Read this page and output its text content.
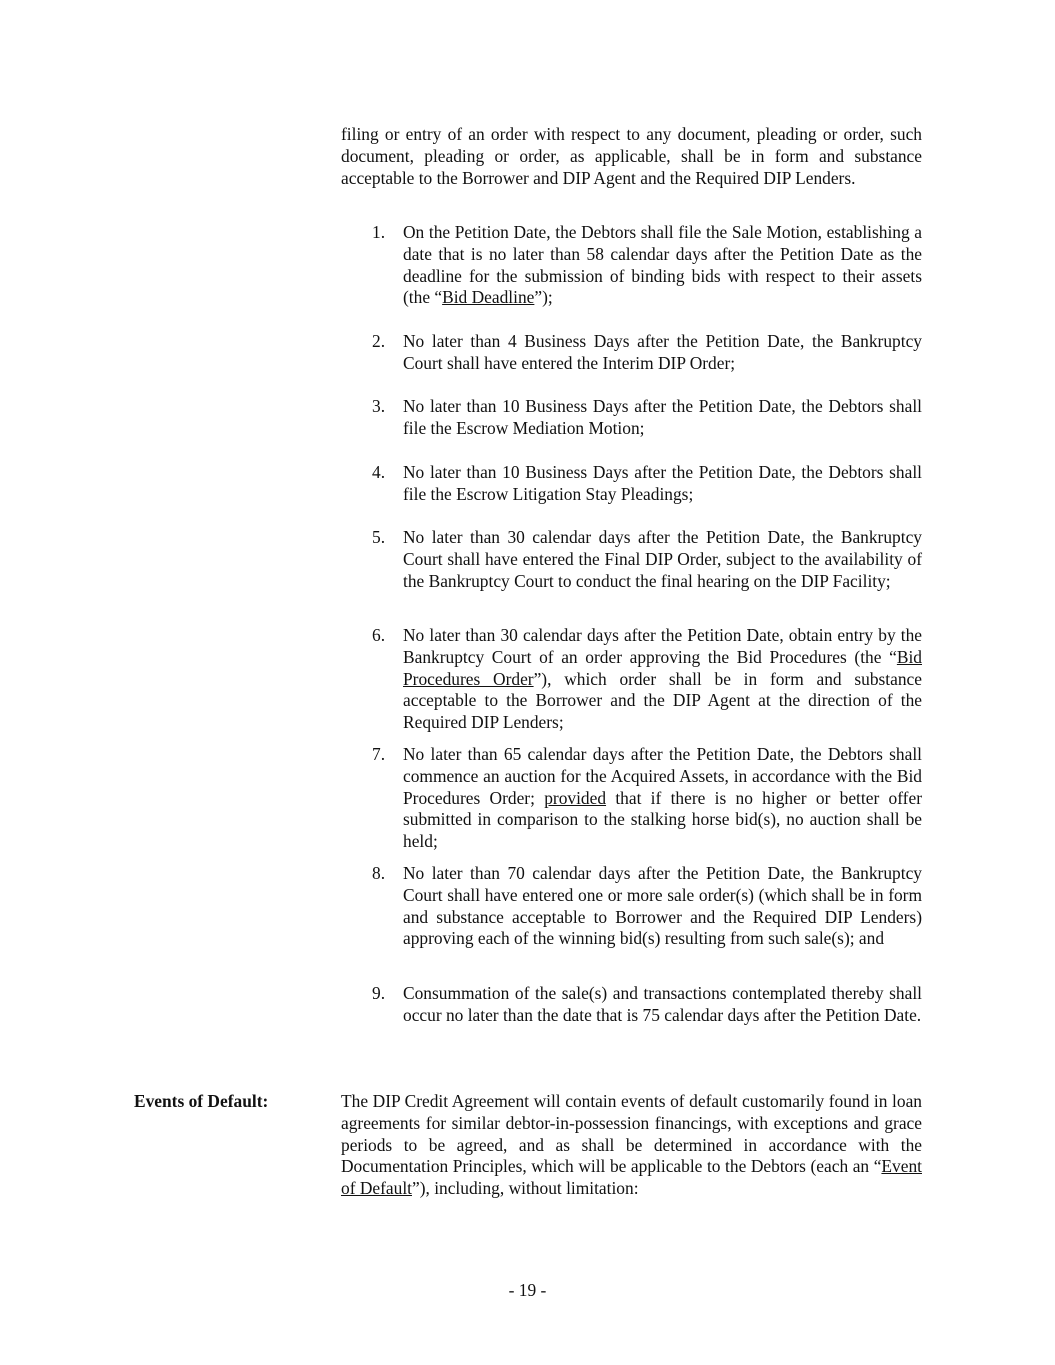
filing or entry of an order with respect to any document, pleading or order, such document, pleading or order, as applicable, shall be in form and substance acceptable to the Borrower and DIP Agent and the Required DIP Lenders.
1. On the Petition Date, the Debtors shall file the Sale Motion, establishing a date that is no later than 58 calendar days after the Petition Date as the deadline for the submission of binding bids with respect to their assets (the “Bid Deadline”);
2. No later than 4 Business Days after the Petition Date, the Bankruptcy Court shall have entered the Interim DIP Order;
3. No later than 10 Business Days after the Petition Date, the Debtors shall file the Escrow Mediation Motion;
4. No later than 10 Business Days after the Petition Date, the Debtors shall file the Escrow Litigation Stay Pleadings;
5. No later than 30 calendar days after the Petition Date, the Bankruptcy Court shall have entered the Final DIP Order, subject to the availability of the Bankruptcy Court to conduct the final hearing on the DIP Facility;
6. No later than 30 calendar days after the Petition Date, obtain entry by the Bankruptcy Court of an order approving the Bid Procedures (the “Bid Procedures Order”), which order shall be in form and substance acceptable to the Borrower and the DIP Agent at the direction of the Required DIP Lenders;
7. No later than 65 calendar days after the Petition Date, the Debtors shall commence an auction for the Acquired Assets, in accordance with the Bid Procedures Order; provided that if there is no higher or better offer submitted in comparison to the stalking horse bid(s), no auction shall be held;
8. No later than 70 calendar days after the Petition Date, the Bankruptcy Court shall have entered one or more sale order(s) (which shall be in form and substance acceptable to Borrower and the Required DIP Lenders) approving each of the winning bid(s) resulting from such sale(s); and
9. Consummation of the sale(s) and transactions contemplated thereby shall occur no later than the date that is 75 calendar days after the Petition Date.
Events of Default:	The DIP Credit Agreement will contain events of default customarily found in loan agreements for similar debtor-in-possession financings, with exceptions and grace periods to be agreed, and as shall be determined in accordance with the Documentation Principles, which will be applicable to the Debtors (each an “Event of Default”), including, without limitation:
- 19 -
